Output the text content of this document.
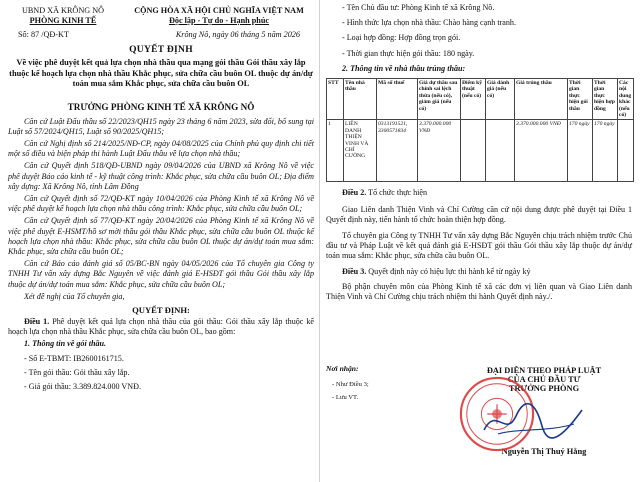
UBND XÃ KRÔNG NÔ

PHÒNG KINH TẾ

CỘNG HÒA XÃ HỘI CHỦ NGHĨA VIỆT NAM

Độc lập - Tự do - Hạnh phúc

Số: 87 /QĐ-KT	Krông Nô, ngày 06 tháng 5 năm 2026

QUYẾT ĐỊNH

Về việc phê duyệt kết quả lựa chọn nhà thầu qua mạng gói thầu Gói thầu xây lắp thuộc kế hoạch lựa chọn nhà thầu Khắc phục, sửa chữa cầu buôn OL thuộc dự án/dự toán mua sắm Khắc phục, sửa chữa cầu buôn OL

TRƯỞNG PHÒNG KINH TẾ XÃ KRÔNG NÔ

Căn cứ Luật Đấu thầu số 22/2023/QH15 ngày 23 tháng 6 năm 2023, sửa đổi, bổ sung tại Luật số 57/2024/QH15, Luật số 90/2025/QH15;

Căn cứ Nghị định số 214/2025/NĐ-CP, ngày 04/08/2025 của Chính phủ quy định chi tiết một số điều và biện pháp thi hành Luật Đấu thầu về lựa chọn nhà thầu;

Căn cứ Quyết định 518/QĐ-UBND ngày 09/04/2026 của UBND xã Krông Nô về việc phê duyệt Báo cáo kinh tế - kỹ thuật công trình: Khắc phục, sửa chữa cầu buôn OL; Địa điểm xây dựng: Xã Krông Nô, tỉnh Lâm Đồng

Căn cứ Quyết định số 72/QĐ-KT ngày 10/04/2026 của Phòng Kinh tế xã Krông Nô về việc phê duyệt kế hoạch lựa chọn nhà thầu công trình: Khắc phục, sửa chữa cầu buôn OL;

Căn cứ Quyết định số 77/QĐ-KT ngày 20/04/2026 của Phòng Kinh tế xã Krông Nô về việc phê duyệt E-HSMT/hồ sơ mời thầu gói thầu Khắc phục, sửa chữa cầu buôn OL thuộc kế hoạch lựa chọn nhà thầu: Khắc phục, sửa chữa cầu buôn OL thuộc dự án/dự toán mua sắm: Khắc phục, sửa chữa cầu buôn OL;

Căn cứ Báo cáo đánh giá số 05/BC-BN ngày 04/05/2026 của Tổ chuyên gia Công ty TNHH Tư vấn xây dựng Bắc Nguyên về việc đánh giá E-HSĐT gói thầu Gói thầu xây lắp thuộc dự án/dự toán mua sắm: Khắc phục, sửa chữa cầu buôn OL;

Xét đề nghị của Tổ chuyên gia,

QUYẾT ĐỊNH:

Điều 1. Phê duyệt kết quả lựa chọn nhà thầu của gói thầu: Gói thầu xây lắp thuộc kế hoạch lựa chọn nhà thầu Khắc phục, sửa chữa cầu buôn OL, bao gồm:

1. Thông tin về gói thầu.

- Số E-TBMT: IB2600161715.

- Tên gói thầu: Gói thầu xây lắp.

- Giá gói thầu: 3.389.824.000 VNĐ.

- Tên Chủ đầu tư: Phòng Kinh tế xã Krông Nô.

- Hình thức lựa chọn nhà thầu: Chào hàng cạnh tranh.

- Loại hợp đồng: Hợp đồng trọn gói.

- Thời gian thực hiện gói thầu: 180 ngày.

2. Thông tin về nhà thầu trúng thầu:

STT	Tên nhà thầu	Mã số thuế	Giá dự thầu sau chỉnh sai lệch thừa (nếu có), giảm giá (nếu có)	Điểm kỹ thuật (nếu có)	Giá đánh giá (nếu có)	Giá trúng thầu	Thời gian thực hiện gói thầu	Thời gian thực hiện hợp đồng	Các nội dung khác (nếu có)
1	LIÊN DANH THIỆN VINH VÀ CHÍ CƯỜNG	0313191521, 3300571834	3.370.000.000 VNĐ			3.370.000.000 VNĐ	170 ngày	170 ngày	

Điều 2. Tổ chức thực hiện

Giao Liên danh Thiện Vinh và Chí Cường căn cứ nội dung được phê duyệt tại Điều 1 Quyết định này, tiến hành tổ chức hoàn thiện hợp đồng.

Tổ chuyên gia Công ty TNHH Tư vấn xây dựng Bắc Nguyên chịu trách nhiệm trước Chủ đầu tư và Pháp Luật về kết quả đánh giá E-HSĐT gói thầu Gói thầu xây lắp thuộc dự án/dự toán mua sắm: Khắc phục, sửa chữa cầu buôn OL.

Điều 3. Quyết định này có hiệu lực thi hành kể từ ngày ký

Bộ phận chuyên môn của Phòng Kinh tế xã các đơn vị liên quan và Giao Liên danh Thiện Vinh và Chí Cường chịu trách nhiệm thi hành Quyết định này./.

Nơi nhận:

- Như Điều 3;

- Lưu VT.

ĐẠI DIỆN THEO PHÁP LUẬT

CỦA CHỦ ĐẦU TƯ

TRƯỞNG PHÒNG

Nguyễn Thị Thuý Hằng
